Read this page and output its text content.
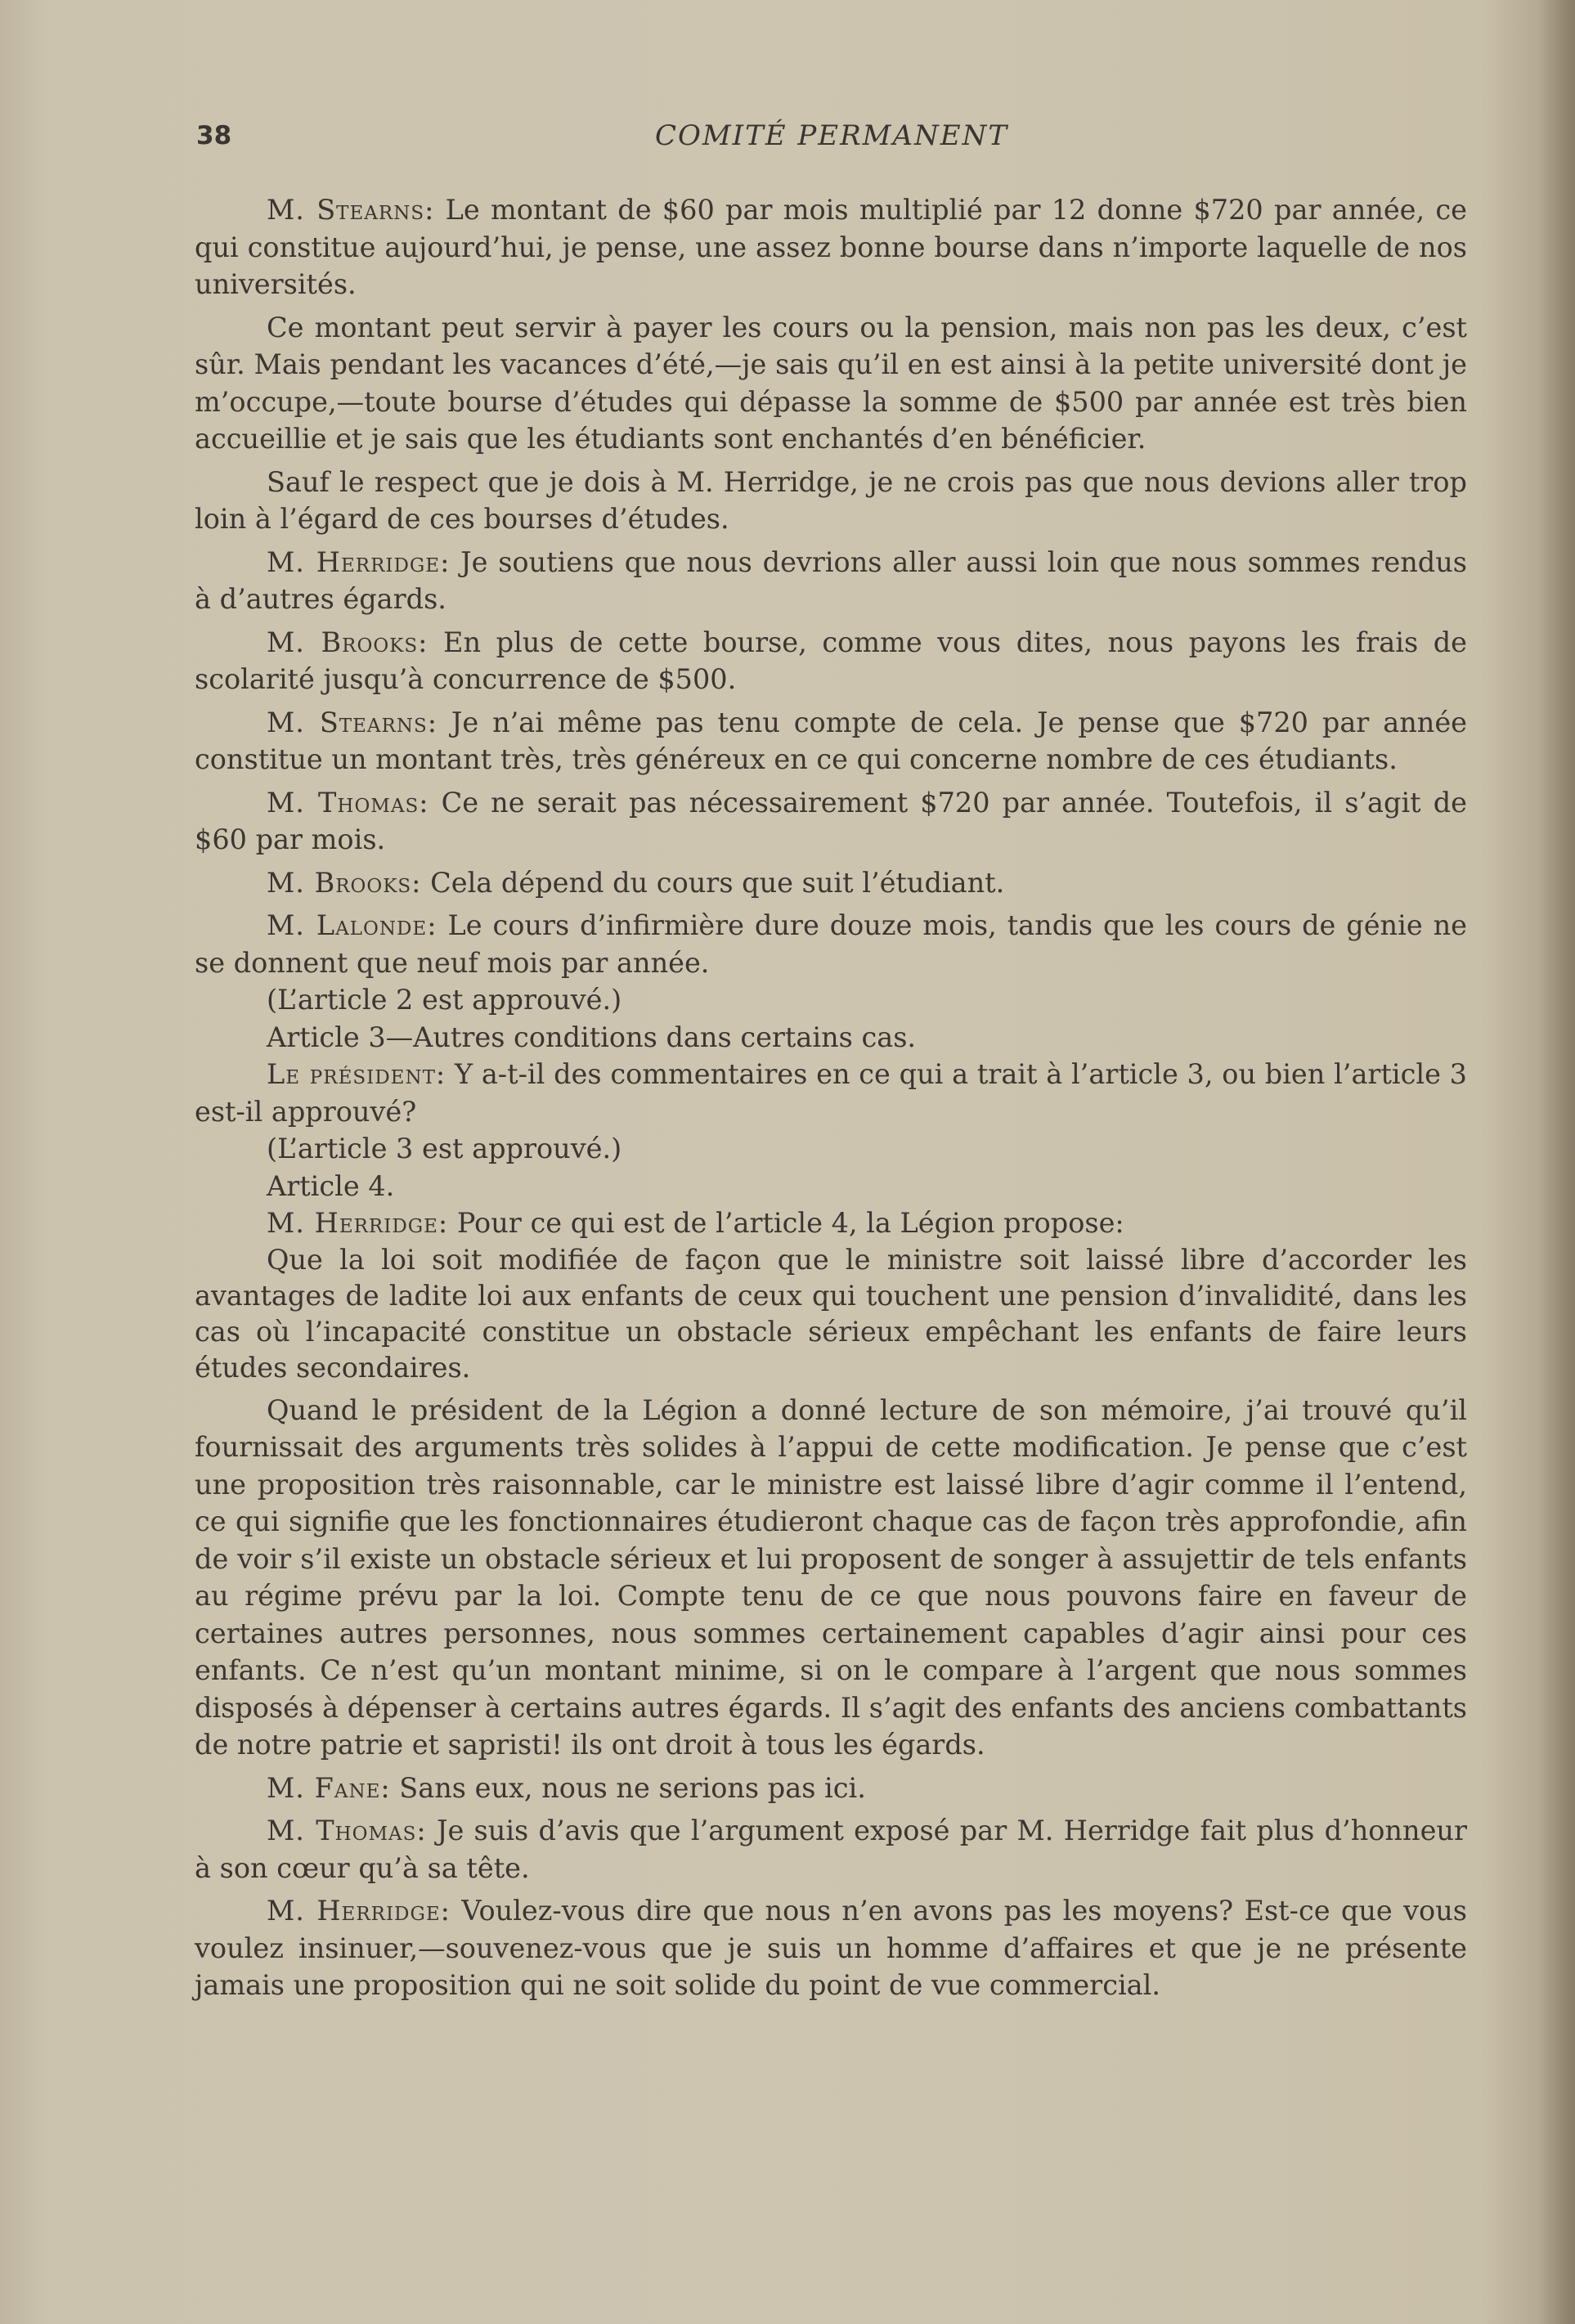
38	COMITÉ PERMANENT

M. Stearns: Le montant de $60 par mois multiplié par 12 donne $720 par année, ce qui constitue aujourd’hui, je pense, une assez bonne bourse dans n’importe laquelle de nos universités.

Ce montant peut servir à payer les cours ou la pension, mais non pas les deux, c’est sûr. Mais pendant les vacances d’été,—je sais qu’il en est ainsi à la petite université dont je m’occupe,—toute bourse d’études qui dépasse la somme de $500 par année est très bien accueillie et je sais que les étudiants sont enchantés d’en bénéficier.

Sauf le respect que je dois à M. Herridge, je ne crois pas que nous devions aller trop loin à l’égard de ces bourses d’études.

M. Herridge: Je soutiens que nous devrions aller aussi loin que nous sommes rendus à d’autres égards.

M. Brooks: En plus de cette bourse, comme vous dites, nous payons les frais de scolarité jusqu’à concurrence de $500.

M. Stearns: Je n’ai même pas tenu compte de cela. Je pense que $720 par année constitue un montant très, très généreux en ce qui concerne nombre de ces étudiants.

M. Thomas: Ce ne serait pas nécessairement $720 par année. Toutefois, il s’agit de $60 par mois.

M. Brooks: Cela dépend du cours que suit l’étudiant.

M. Lalonde: Le cours d’infirmière dure douze mois, tandis que les cours de génie ne se donnent que neuf mois par année.

(L’article 2 est approuvé.)

Article 3—Autres conditions dans certains cas.

Le président: Y a-t-il des commentaires en ce qui a trait à l’article 3, ou bien l’article 3 est-il approuvé?

(L’article 3 est approuvé.)

Article 4.

M. Herridge: Pour ce qui est de l’article 4, la Légion propose:

Que la loi soit modifiée de façon que le ministre soit laissé libre d’accorder les avantages de ladite loi aux enfants de ceux qui touchent une pension d’invalidité, dans les cas où l’incapacité constitue un obstacle sérieux empêchant les enfants de faire leurs études secondaires.

Quand le président de la Légion a donné lecture de son mémoire, j’ai trouvé qu’il fournissait des arguments très solides à l’appui de cette modification. Je pense que c’est une proposition très raisonnable, car le ministre est laissé libre d’agir comme il l’entend, ce qui signifie que les fonctionnaires étudieront chaque cas de façon très approfondie, afin de voir s’il existe un obstacle sérieux et lui proposent de songer à assujettir de tels enfants au régime prévu par la loi. Compte tenu de ce que nous pouvons faire en faveur de certaines autres personnes, nous sommes certainement capables d’agir ainsi pour ces enfants. Ce n’est qu’un montant minime, si on le compare à l’argent que nous sommes disposés à dépenser à certains autres égards. Il s’agit des enfants des anciens combattants de notre patrie et sapristi! ils ont droit à tous les égards.

M. Fane: Sans eux, nous ne serions pas ici.

M. Thomas: Je suis d’avis que l’argument exposé par M. Herridge fait plus d’honneur à son cœur qu’à sa tête.

M. Herridge: Voulez-vous dire que nous n’en avons pas les moyens? Est-ce que vous voulez insinuer,—souvenez-vous que je suis un homme d’affaires et que je ne présente jamais une proposition qui ne soit solide du point de vue commercial.
